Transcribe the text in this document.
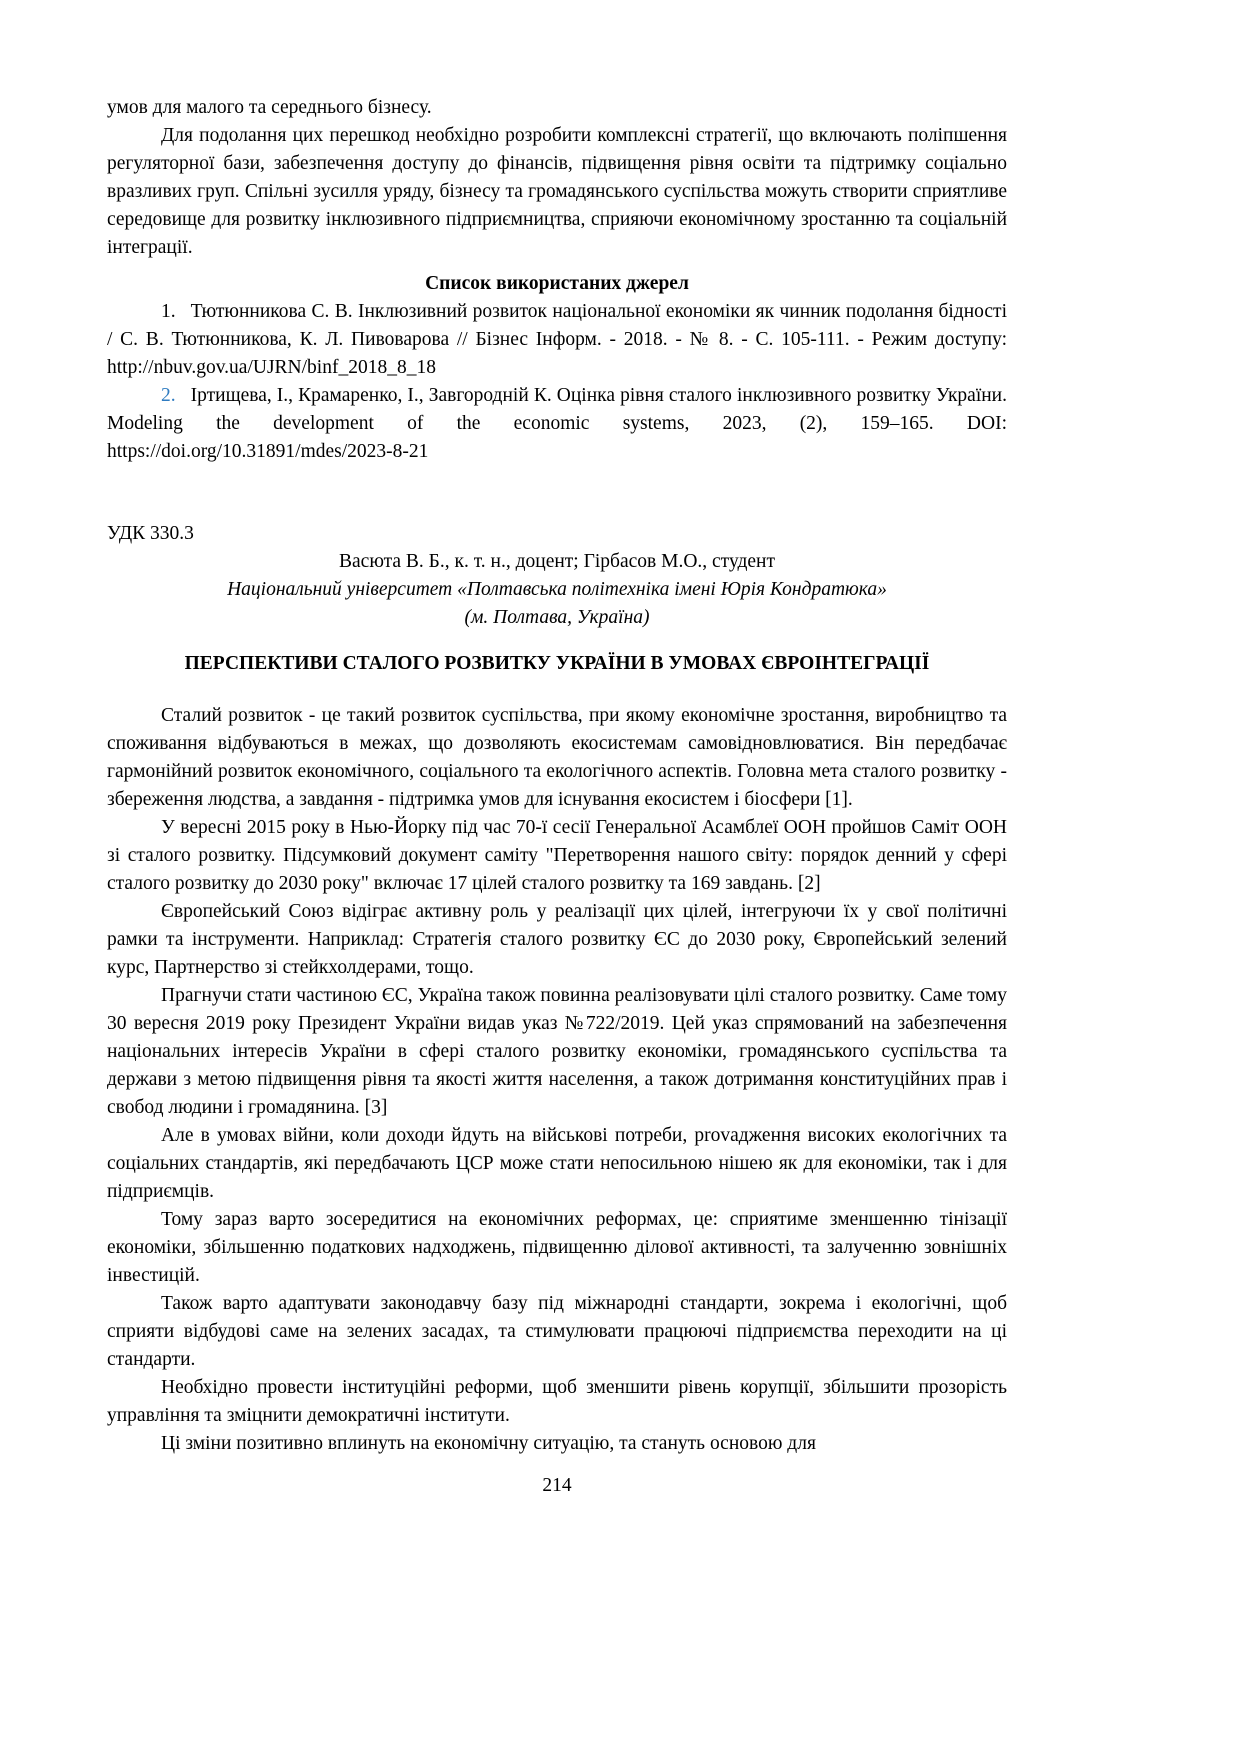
умов для малого та середнього бізнесу.

Для подолання цих перешкод необхідно розробити комплексні стратегії, що включають поліпшення регуляторної бази, забезпечення доступу до фінансів, підвищення рівня освіти та підтримку соціально вразливих груп. Спільні зусилля уряду, бізнесу та громадянського суспільства можуть створити сприятливе середовище для розвитку інклюзивного підприємництва, сприяючи економічному зростанню та соціальній інтеграції.

Список використаних джерел

1. Тютюнникова С. В. Інклюзивний розвиток національної економіки як чинник подолання бідності / С. В. Тютюнникова, К. Л. Пивоварова // Бізнес Інформ. - 2018. - № 8. - С. 105-111. - Режим доступу: http://nbuv.gov.ua/UJRN/binf_2018_8_18

2. Іртищева, І., Крамаренко, І., Завгородній К. Оцінка рівня сталого інклюзивного розвитку України. Modeling the development of the economic systems, 2023, (2), 159–165. DOI: https://doi.org/10.31891/mdes/2023-8-21

УДК 330.3

Васюта В. Б., к. т. н., доцент; Гірбасов М.О., студент

Національний університет «Полтавська політехніка імені Юрія Кондратюка»

(м. Полтава, Україна)

ПЕРСПЕКТИВИ СТАЛОГО РОЗВИТКУ УКРАЇНИ В УМОВАХ ЄВРОІНТЕГРАЦІЇ

Сталий розвиток - це такий розвиток суспільства, при якому економічне зростання, виробництво та споживання відбуваються в межах, що дозволяють екосистемам самовідновлюватися. Він передбачає гармонійний розвиток економічного, соціального та екологічного аспектів. Головна мета сталого розвитку - збереження людства, а завдання - підтримка умов для існування екосистем і біосфери [1].

У вересні 2015 року в Нью-Йорку під час 70-ї сесії Генеральної Асамблеї ООН пройшов Саміт ООН зі сталого розвитку. Підсумковий документ саміту "Перетворення нашого світу: порядок денний у сфері сталого розвитку до 2030 року" включає 17 цілей сталого розвитку та 169 завдань. [2]

Європейський Союз відіграє активну роль у реалізації цих цілей, інтегруючи їх у свої політичні рамки та інструменти. Наприклад: Стратегія сталого розвитку ЄС до 2030 року, Європейський зелений курс, Партнерство зі стейкхолдерами, тощо.

Прагнучи стати частиною ЄС, Україна також повинна реалізовувати цілі сталого розвитку. Саме тому 30 вересня 2019 року Президент України видав указ №722/2019. Цей указ спрямований на забезпечення національних інтересів України в сфері сталого розвитку економіки, громадянського суспільства та держави з метою підвищення рівня та якості життя населення, а також дотримання конституційних прав і свобод людини і громадянина. [3]

Але в умовах війни, коли доходи йдуть на військові потреби, provадження високих екологічних та соціальних стандартів, які передбачають ЦСР може стати непосильною нішею як для економіки, так і для підприємців.

Тому зараз варто зосередитися на економічних реформах, це: сприятиме зменшенню тінізації економіки, збільшенню податкових надходжень, підвищенню ділової активності, та залученню зовнішніх інвестицій.

Також варто адаптувати законодавчу базу під міжнародні стандарти, зокрема і екологічні, щоб сприяти відбудові саме на зелених засадах, та стимулювати працюючі підприємства переходити на ці стандарти.

Необхідно провести інституційні реформи, щоб зменшити рівень корупції, збільшити прозорість управління та зміцнити демократичні інститути.

Ці зміни позитивно вплинуть на економічну ситуацію, та стануть основою для

214
